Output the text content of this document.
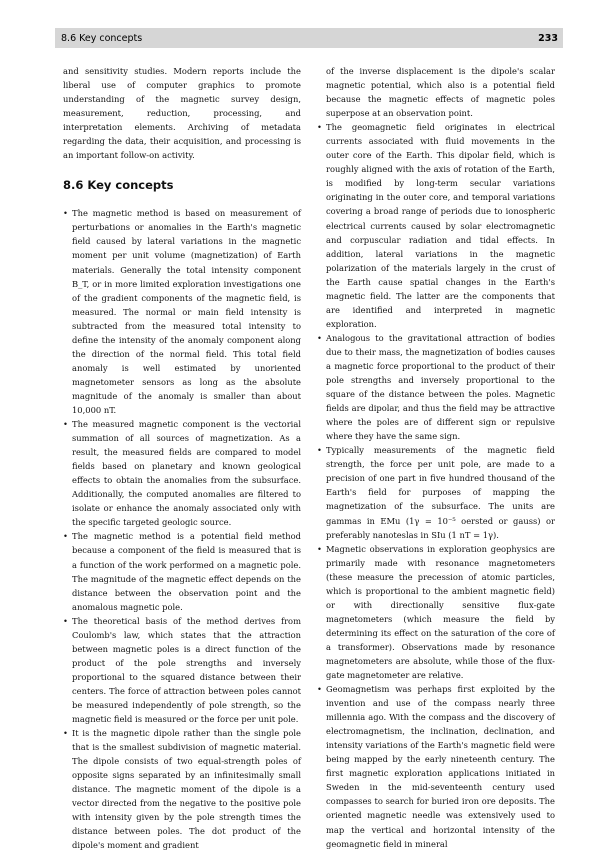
8.6 Key concepts	233

and sensitivity studies. Modern reports include the liberal use of computer graphics to promote understanding of the magnetic survey design, measurement, reduction, processing, and interpretation elements. Archiving of metadata regarding the data, their acquisition, and processing is an important follow-on activity.

8.6 Key concepts
• The magnetic method is based on measurement of perturbations or anomalies in the Earth's magnetic field caused by lateral variations in the magnetic moment per unit volume (magnetization) of Earth materials. Generally the total intensity component B_T, or in more limited exploration investigations one of the gradient components of the magnetic field, is measured. The normal or main field intensity is subtracted from the measured total intensity to define the intensity of the anomaly component along the direction of the normal field. This total field anomaly is well estimated by unoriented magnetometer sensors as long as the absolute magnitude of the anomaly is smaller than about 10,000 nT.
• The measured magnetic component is the vectorial summation of all sources of magnetization. As a result, the measured fields are compared to model fields based on planetary and known geological effects to obtain the anomalies from the subsurface. Additionally, the computed anomalies are filtered to isolate or enhance the anomaly associated only with the specific targeted geologic source.
• The magnetic method is a potential field method because a component of the field is measured that is a function of the work performed on a magnetic pole. The magnitude of the magnetic effect depends on the distance between the observation point and the anomalous magnetic pole.
• The theoretical basis of the method derives from Coulomb's law, which states that the attraction between magnetic poles is a direct function of the product of the pole strengths and inversely proportional to the squared distance between their centers. The force of attraction between poles cannot be measured independently of pole strength, so the magnetic field is measured or the force per unit pole.
• It is the magnetic dipole rather than the single pole that is the smallest subdivision of magnetic material. The dipole consists of two equal-strength poles of opposite signs separated by an infinitesimally small distance. The magnetic moment of the dipole is a vector directed from the negative to the positive pole with intensity given by the pole strength times the distance between poles. The dot product of the dipole's moment and gradient

of the inverse displacement is the dipole's scalar magnetic potential, which also is a potential field because the magnetic effects of magnetic poles superpose at an observation point.

• The geomagnetic field originates in electrical currents associated with fluid movements in the outer core of the Earth. This dipolar field, which is roughly aligned with the axis of rotation of the Earth, is modified by long-term secular variations originating in the outer core, and temporal variations covering a broad range of periods due to ionospheric electrical currents caused by solar electromagnetic and corpuscular radiation and tidal effects. In addition, lateral variations in the magnetic polarization of the materials largely in the crust of the Earth cause spatial changes in the Earth's magnetic field. The latter are the components that are identified and interpreted in magnetic exploration.
• Analogous to the gravitational attraction of bodies due to their mass, the magnetization of bodies causes a magnetic force proportional to the product of their pole strengths and inversely proportional to the square of the distance between the poles. Magnetic fields are dipolar, and thus the field may be attractive where the poles are of different sign or repulsive where they have the same sign.
• Typically measurements of the magnetic field strength, the force per unit pole, are made to a precision of one part in five hundred thousand of the Earth's field for purposes of mapping the magnetization of the subsurface. The units are gammas in EMu (1γ = 10⁻⁵ oersted or gauss) or preferably nanoteslas in SIu (1 nT = 1γ).
• Magnetic observations in exploration geophysics are primarily made with resonance magnetometers (these measure the precession of atomic particles, which is proportional to the ambient magnetic field) or with directionally sensitive flux-gate magnetometers (which measure the field by determining its effect on the saturation of the core of a transformer). Observations made by resonance magnetometers are absolute, while those of the flux-gate magnetometer are relative.
• Geomagnetism was perhaps first exploited by the invention and use of the compass nearly three millennia ago. With the compass and the discovery of electromagnetism, the inclination, declination, and intensity variations of the Earth's magnetic field were being mapped by the early nineteenth century. The first magnetic exploration applications initiated in Sweden in the mid-seventeenth century used compasses to search for buried iron ore deposits. The oriented magnetic needle was extensively used to map the vertical and horizontal intensity of the geomagnetic field in mineral
